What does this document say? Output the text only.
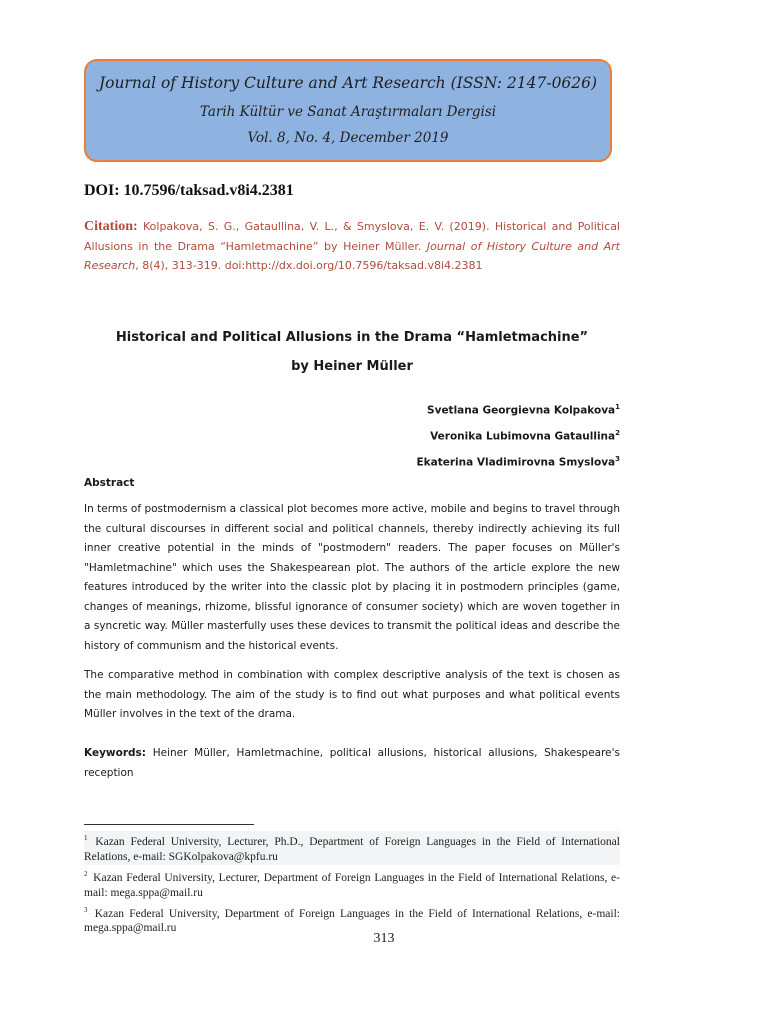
Journal of History Culture and Art Research (ISSN: 2147-0626)
Tarih Kültür ve Sanat Araştırmaları Dergisi
Vol. 8, No. 4, December 2019
DOI: 10.7596/taksad.v8i4.2381
Citation: Kolpakova, S. G., Gataullina, V. L., & Smyslova, E. V. (2019). Historical and Political Allusions in the Drama “Hamletmachine” by Heiner Müller. Journal of History Culture and Art Research, 8(4), 313-319. doi:http://dx.doi.org/10.7596/taksad.v8i4.2381
Historical and Political Allusions in the Drama “Hamletmachine”
by Heiner Müller
Svetlana Georgievna Kolpakova$^1$
Veronika Lubimovna Gataullina$^2$
Ekaterina Vladimirovna Smyslova$^3$
Abstract
In terms of postmodernism a classical plot becomes more active, mobile and begins to travel through the cultural discourses in different social and political channels, thereby indirectly achieving its full inner creative potential in the minds of "postmodern" readers. The paper focuses on Müller's "Hamletmachine" which uses the Shakespearean plot. The authors of the article explore the new features introduced by the writer into the classic plot by placing it in postmodern principles (game, changes of meanings, rhizome, blissful ignorance of consumer society) which are woven together in a syncretic way. Müller masterfully uses these devices to transmit the political ideas and describe the history of communism and the historical events.
The comparative method in combination with complex descriptive analysis of the text is chosen as the main methodology. The aim of the study is to find out what purposes and what political events Müller involves in the text of the drama.
Keywords: Heiner Müller, Hamletmachine, political allusions, historical allusions, Shakespeare's reception
$^1$ Kazan Federal University, Lecturer, Ph.D., Department of Foreign Languages in the Field of International Relations, e-mail: SGKolpakova@kpfu.ru
$^2$ Kazan Federal University, Lecturer, Department of Foreign Languages in the Field of International Relations, e-mail: mega.sppa@mail.ru
$^3$ Kazan Federal University, Department of Foreign Languages in the Field of International Relations, e-mail: mega.sppa@mail.ru
313
